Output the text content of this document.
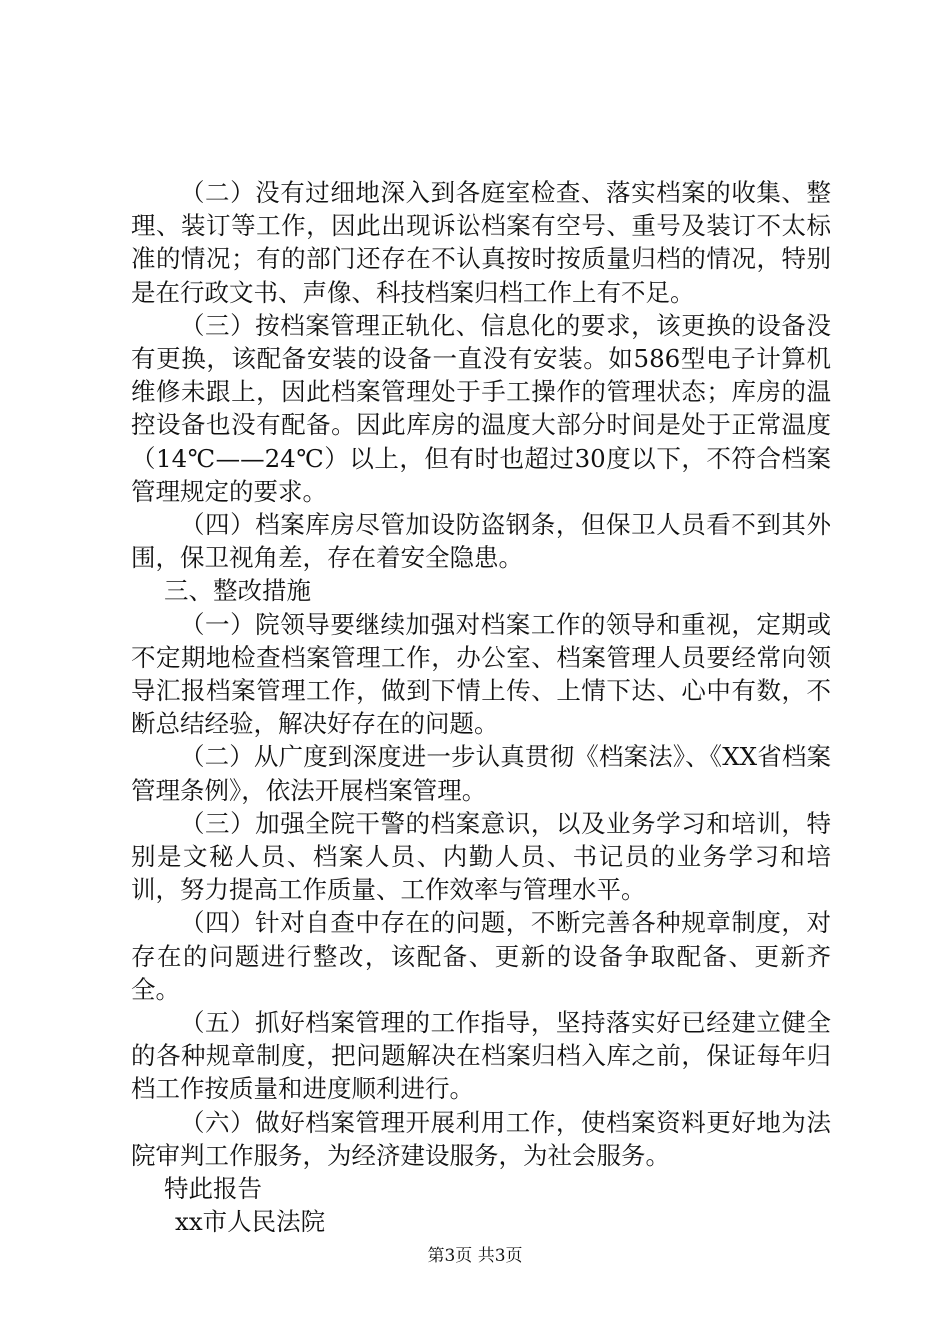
（二）没有过细地深入到各庭室检查、落实档案的收集、整理、装订等工作，因此出现诉讼档案有空号、重号及装订不太标准的情况；有的部门还存在不认真按时按质量归档的情况，特别是在行政文书、声像、科技档案归档工作上有不足。

（三）按档案管理正轨化、信息化的要求，该更换的设备没有更换，该配备安装的设备一直没有安装。如586型电子计算机维修未跟上，因此档案管理处于手工操作的管理状态；库房的温控设备也没有配备。因此库房的温度大部分时间是处于正常温度（14℃——24℃）以上，但有时也超过30度以下，不符合档案管理规定的要求。

（四）档案库房尽管加设防盗钢条，但保卫人员看不到其外围，保卫视角差，存在着安全隐患。

三、整改措施

（一）院领导要继续加强对档案工作的领导和重视，定期或不定期地检查档案管理工作，办公室、档案管理人员要经常向领导汇报档案管理工作，做到下情上传、上情下达、心中有数，不断总结经验，解决好存在的问题。

（二）从广度到深度进一步认真贯彻《档案法》、《XX省档案管理条例》，依法开展档案管理。

（三）加强全院干警的档案意识，以及业务学习和培训，特别是文秘人员、档案人员、内勤人员、书记员的业务学习和培训，努力提高工作质量、工作效率与管理水平。

（四）针对自查中存在的问题，不断完善各种规章制度，对存在的问题进行整改，该配备、更新的设备争取配备、更新齐全。

（五）抓好档案管理的工作指导，坚持落实好已经建立健全的各种规章制度，把问题解决在档案归档入库之前，保证每年归档工作按质量和进度顺利进行。

（六）做好档案管理开展利用工作，使档案资料更好地为法院审判工作服务，为经济建设服务，为社会服务。

特此报告

xx市人民法院

第3页 共3页
